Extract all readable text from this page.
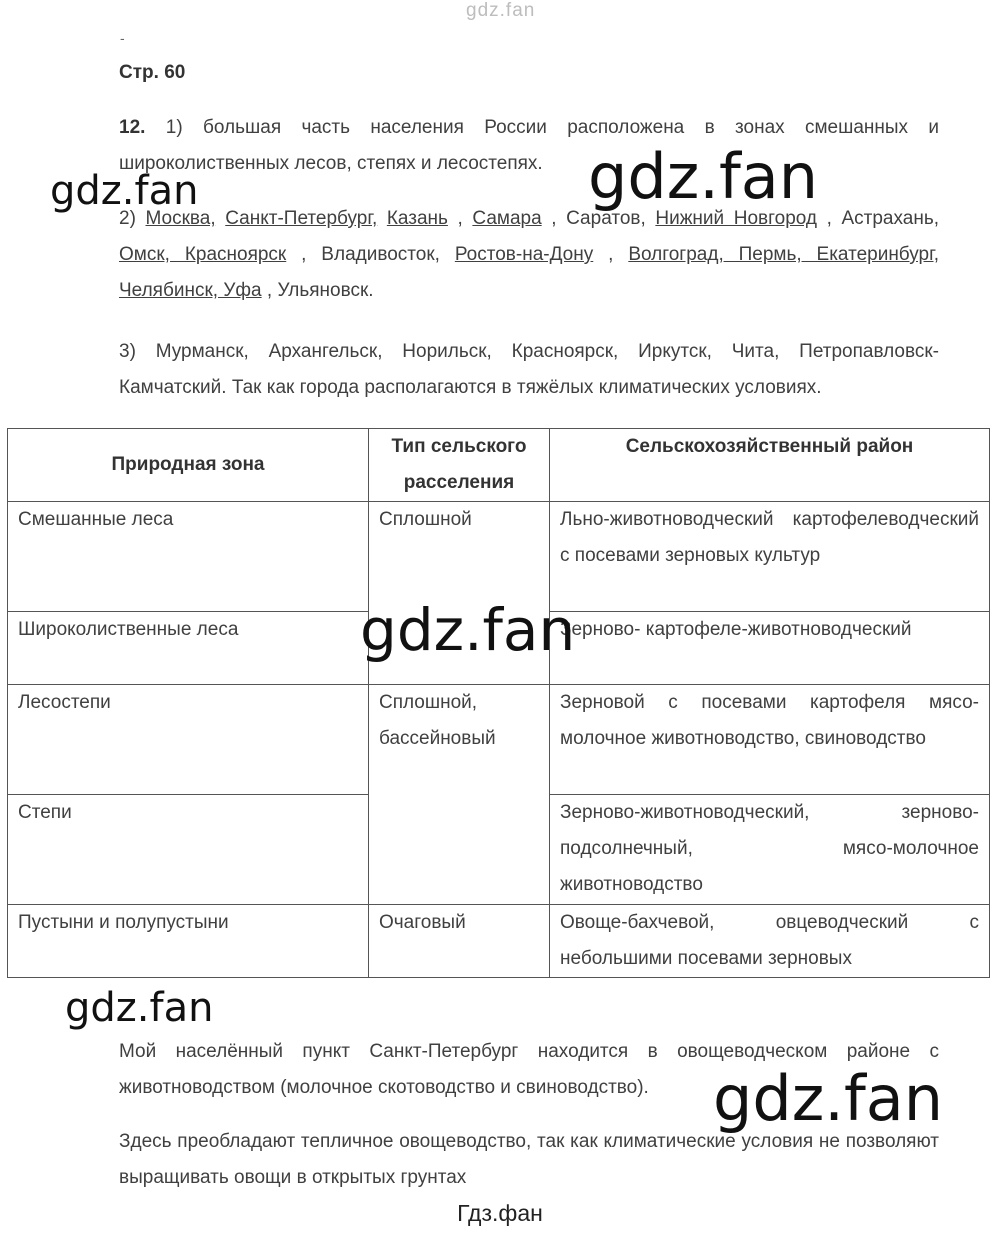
gdz.fan
-
Стр. 60
12. 1) большая часть населения России расположена в зонах смешанных и широколиственных лесов, степях и лесостепях. gdz.fan
gdz.fan
2) Москва, Санкт-Петербург, Казань , Самара , Саратов, Нижний Новгород , Астрахань, Омск, Красноярск , Владивосток, Ростов-на-Дону , Волгоград, Пермь, Екатеринбург, Челябинск, Уфа , Ульяновск.
3) Мурманск, Архангельск, Норильск, Красноярск, Иркутск, Чита, Петропавловск-Камчатский. Так как города располагаются в тяжёлых климатических условиях.
Природная зона	Тип сельского расселения	Сельскохозяйственный район
Смешанные леса	Сплошной	Льно-животноводческий картофелеводческий с посевами зерновых культур
Широколиственные леса		Зерново- картофеле-животноводческий
Лесостепи	Сплошной, бассейновый	Зерновой с посевами картофеля мясо-молочное животноводство, свиноводство
Степи		Зерново-животноводческий, зерново-подсолнечный, мясо-молочное животноводство
Пустыни и полупустыни	Очаговый	Овоще-бахчевой, овцеводческий с небольшими посевами зерновых
gdz.fan
gdz.fan
Мой населённый пункт Санкт-Петербург находится в овощеводческом районе с животноводством (молочное скотоводство и свиноводство).	gdz.fan
Здесь преобладают тепличное овощеводство, так как климатические условия не позволяют выращивать овощи в открытых грунтах
Гдз.фан
